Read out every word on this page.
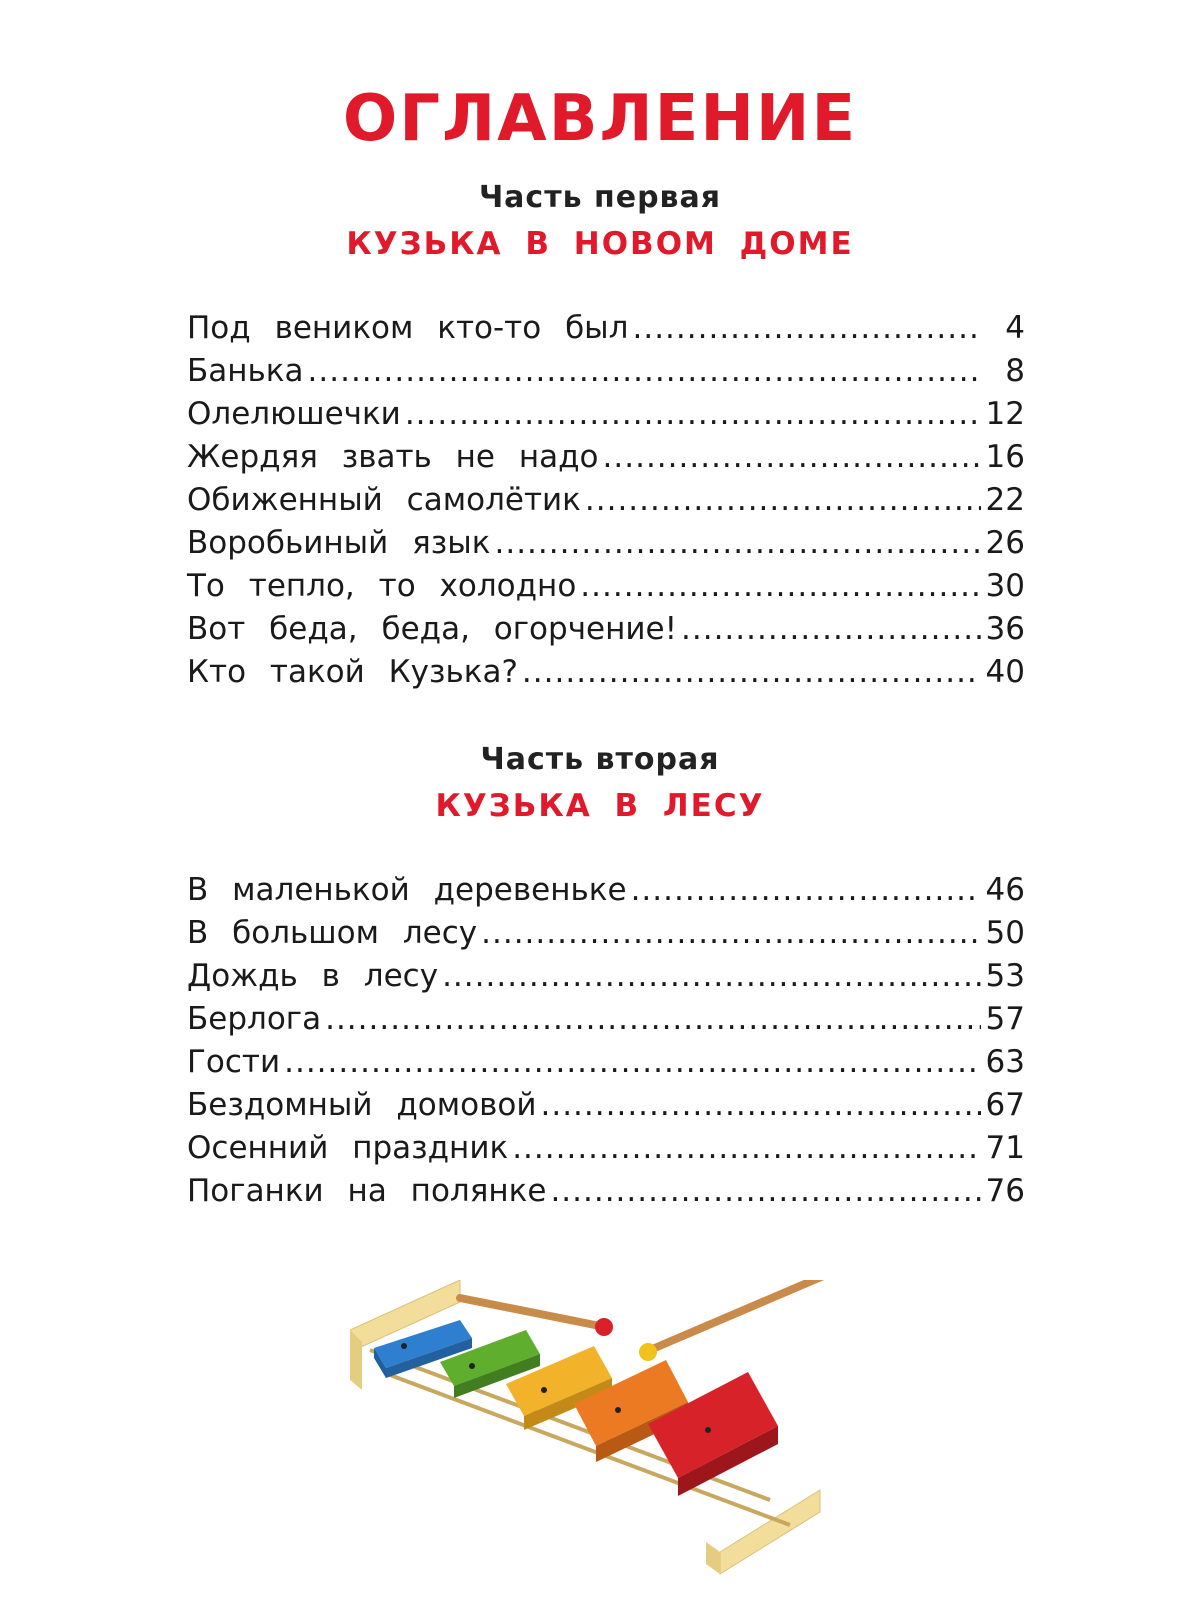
ОГЛАВЛЕНИЕ
Часть первая
КУЗЬКА В НОВОМ ДОМЕ
Под веником кто-то был .....	4
Банька .....	8
Олелюшечки .....	12
Жердяя звать не надо .....	16
Обиженный самолётик .....	22
Воробьиный язык .....	26
То тепло, то холодно .....	30
Вот беда, беда, огорчение! .....	36
Кто такой Кузька? .....	40
Часть вторая
КУЗЬКА В ЛЕСУ
В маленькой деревеньке .....	46
В большом лесу .....	50
Дождь в лесу .....	53
Берлога .....	57
Гости .....	63
Бездомный домовой .....	67
Осенний праздник .....	71
Поганки на полянке .....	76
